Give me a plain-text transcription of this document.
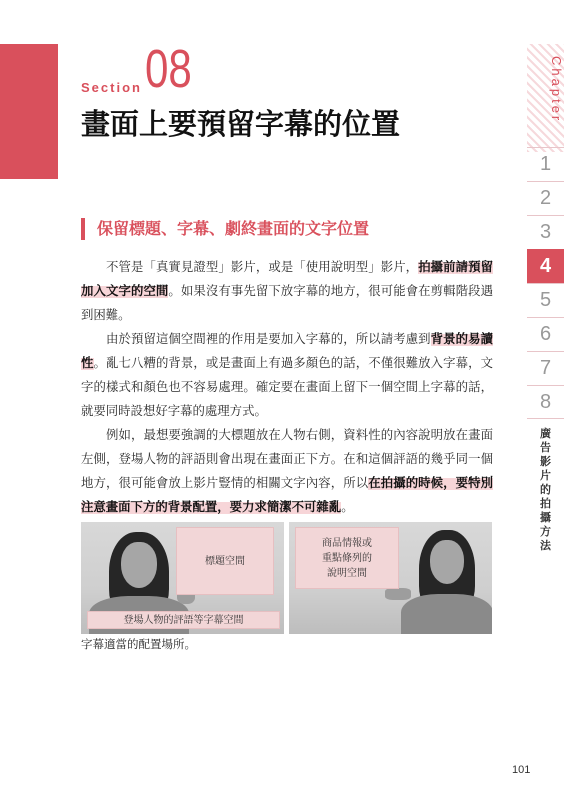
Chapter
1
2
3
4
5
6
7
8
廣
告
影
片
的
拍
攝
方
法
Section 08
畫面上要預留字幕的位置
保留標題、字幕、劇終畫面的文字位置

不管是「真實見證型」影片，或是「使用說明型」影片，拍攝前請預留加入文字的空間。如果沒有事先留下放字幕的地方，很可能會在剪輯階段遇到困難。

由於預留這個空間裡的作用是要加入字幕的，所以請考慮到背景的易讀性。亂七八糟的背景，或是畫面上有過多顏色的話，不僅很難放入字幕，文字的樣式和顏色也不容易處理。確定要在畫面上留下一個空間上字幕的話，就要同時設想好字幕的處理方式。

例如，最想要強調的大標題放在人物右側，資料性的內容說明放在畫面左側，登場人物的評語則會出現在畫面正下方。在和這個評語的幾乎同一個地方，很可能會放上影片豎情的相關文字內容，所以在拍攝的時候，要特別注意畫面下方的背景配置，要力求簡潔不可雜亂。

標題空間
登場人物的評語等字幕空間
商品情報或
重點條列的
說明空間
字幕適當的配置場所。
101
